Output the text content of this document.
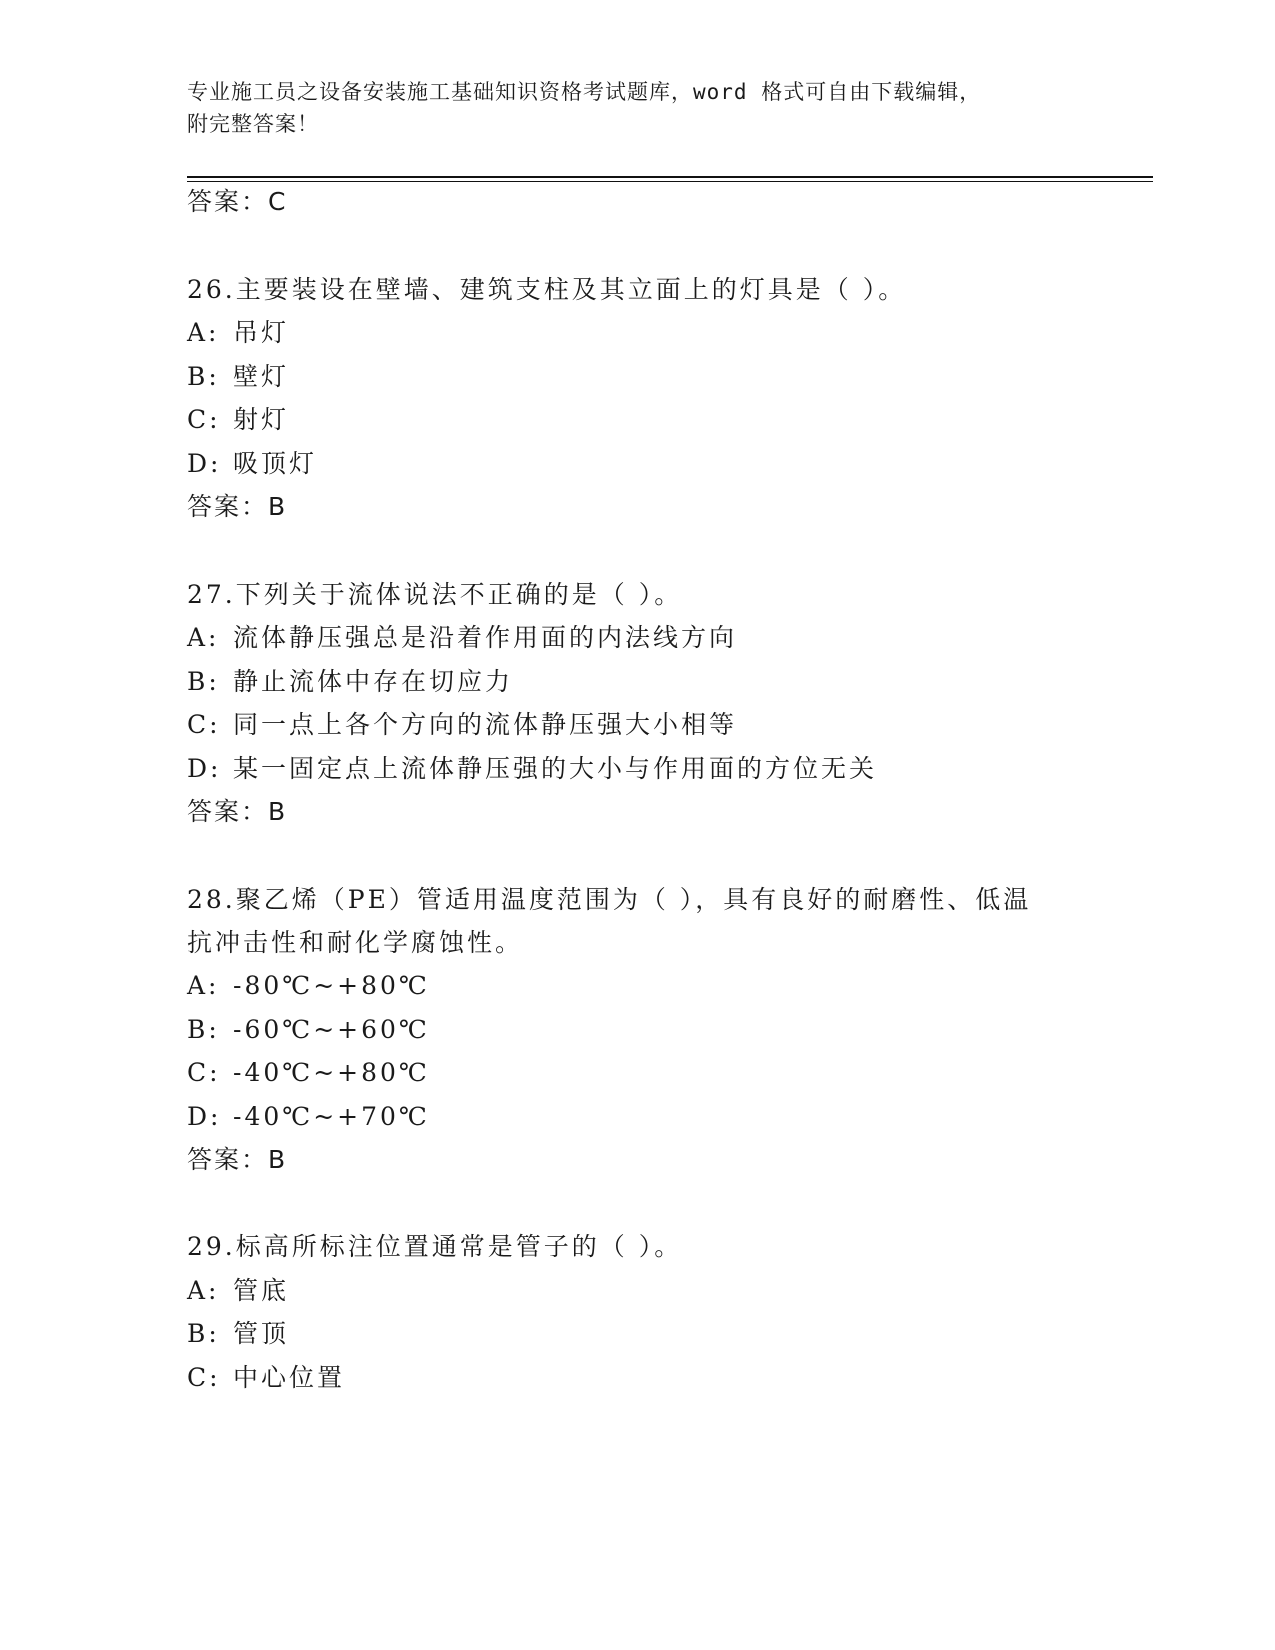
专业施工员之设备安装施工基础知识资格考试题库，word 格式可自由下载编辑，
附完整答案！
答案：C
26.主要装设在壁墙、建筑支柱及其立面上的灯具是（ ）。
A: 吊灯
B: 壁灯
C: 射灯
D: 吸顶灯
答案：B
27.下列关于流体说法不正确的是（ ）。
A: 流体静压强总是沿着作用面的内法线方向
B: 静止流体中存在切应力
C: 同一点上各个方向的流体静压强大小相等
D: 某一固定点上流体静压强的大小与作用面的方位无关
答案：B
28.聚乙烯（PE）管适用温度范围为（ ），具有良好的耐磨性、低温
抗冲击性和耐化学腐蚀性。
A: -80℃~+80℃
B: -60℃~+60℃
C: -40℃~+80℃
D: -40℃~+70℃
答案：B
29.标高所标注位置通常是管子的（ ）。
A: 管底
B: 管顶
C: 中心位置
